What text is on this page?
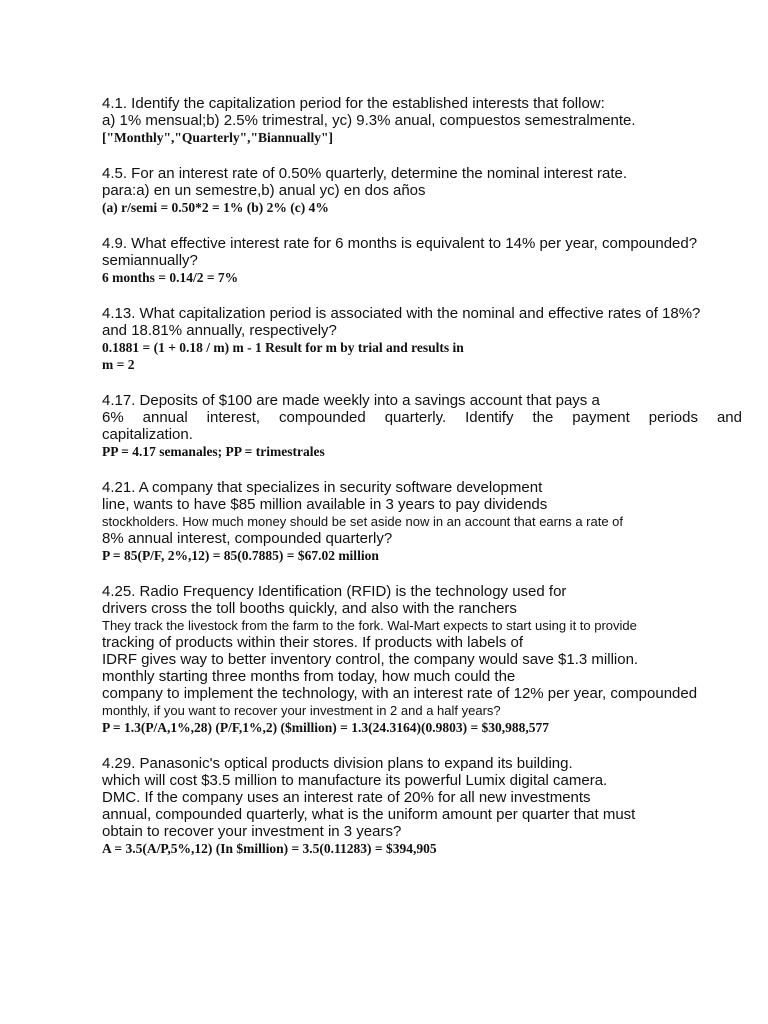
4.1. Identify the capitalization period for the established interests that follow:
a) 1% mensual;b) 2.5% trimestral, yc) 9.3% anual, compuestos semestralmente.
["Monthly","Quarterly","Biannually"]
4.5. For an interest rate of 0.50% quarterly, determine the nominal interest rate.
para:a) en un semestre,b) anual yc) en dos años
(a) r/semi = 0.50*2 = 1% (b) 2% (c) 4%
4.9. What effective interest rate for 6 months is equivalent to 14% per year, compounded?
semiannually?
6 months = 0.14/2 = 7%
4.13. What capitalization period is associated with the nominal and effective rates of 18%?
and 18.81% annually, respectively?
0.1881 = (1 + 0.18 / m) m - 1 Result for m by trial and results in
m = 2
4.17. Deposits of $100 are made weekly into a savings account that pays a
6% annual interest, compounded quarterly. Identify the payment periods and
capitalization.
PP = 4.17 semanales; PP = trimestrales
4.21. A company that specializes in security software development
line, wants to have $85 million available in 3 years to pay dividends
stockholders. How much money should be set aside now in an account that earns a rate of
8% annual interest, compounded quarterly?
P = 85(P/F, 2%,12) = 85(0.7885) = $67.02 million
4.25. Radio Frequency Identification (RFID) is the technology used for
drivers cross the toll booths quickly, and also with the ranchers
They track the livestock from the farm to the fork. Wal-Mart expects to start using it to provide
tracking of products within their stores. If products with labels of
IDRF gives way to better inventory control, the company would save $1.3 million.
monthly starting three months from today, how much could the
company to implement the technology, with an interest rate of 12% per year, compounded
monthly, if you want to recover your investment in 2 and a half years?
P = 1.3(P/A,1%,28) (P/F,1%,2) ($million) = 1.3(24.3164)(0.9803) = $30,988,577
4.29. Panasonic's optical products division plans to expand its building.
which will cost $3.5 million to manufacture its powerful Lumix digital camera.
DMC. If the company uses an interest rate of 20% for all new investments
annual, compounded quarterly, what is the uniform amount per quarter that must
obtain to recover your investment in 3 years?
A = 3.5(A/P,5%,12) (In $million) = 3.5(0.11283) = $394,905
